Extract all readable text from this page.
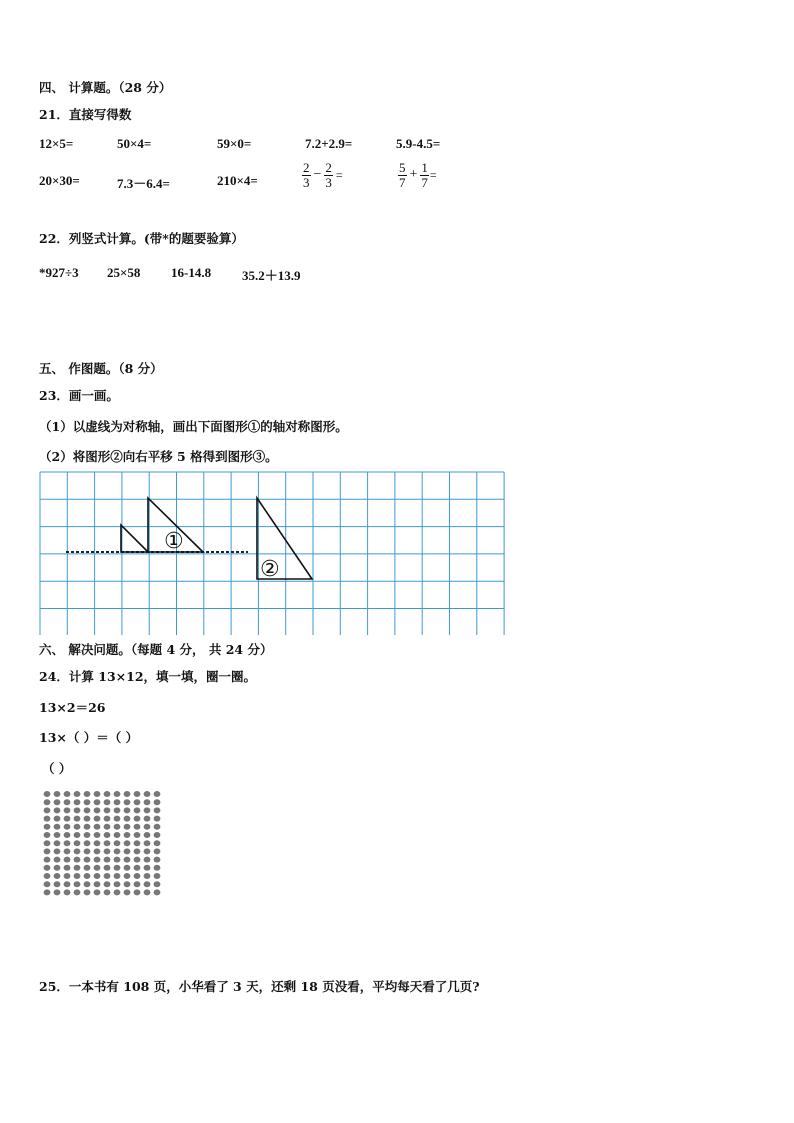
四、 计算题。（28 分）
21．直接写得数
12×5=	50×4=	59×0=	7.2+2.9=	5.9-4.5=
20×30=	7.3－6.4=	210×4=	$\frac{2}{3} - \frac{2}{3}$ =	$\frac{5}{7} + \frac{1}{7}$ =
22．列竖式计算。(带*的题要验算）
*927÷3 25×58 16-14.8 35.2＋13.9
五、 作图题。（8 分）
23．画一画。
（1）以虚线为对称轴，画出下面图形①的轴对称图形。
（2）将图形②向右平移 5 格得到图形③。
①
②
六、 解决问题。（每题 4 分， 共 24 分）
24．计算 13×12，填一填，圈一圈。
13×2＝26
13×（ ）＝（ ）
（ ）
25．一本书有 108 页，小华看了 3 天，还剩 18 页没看，平均每天看了几页?
